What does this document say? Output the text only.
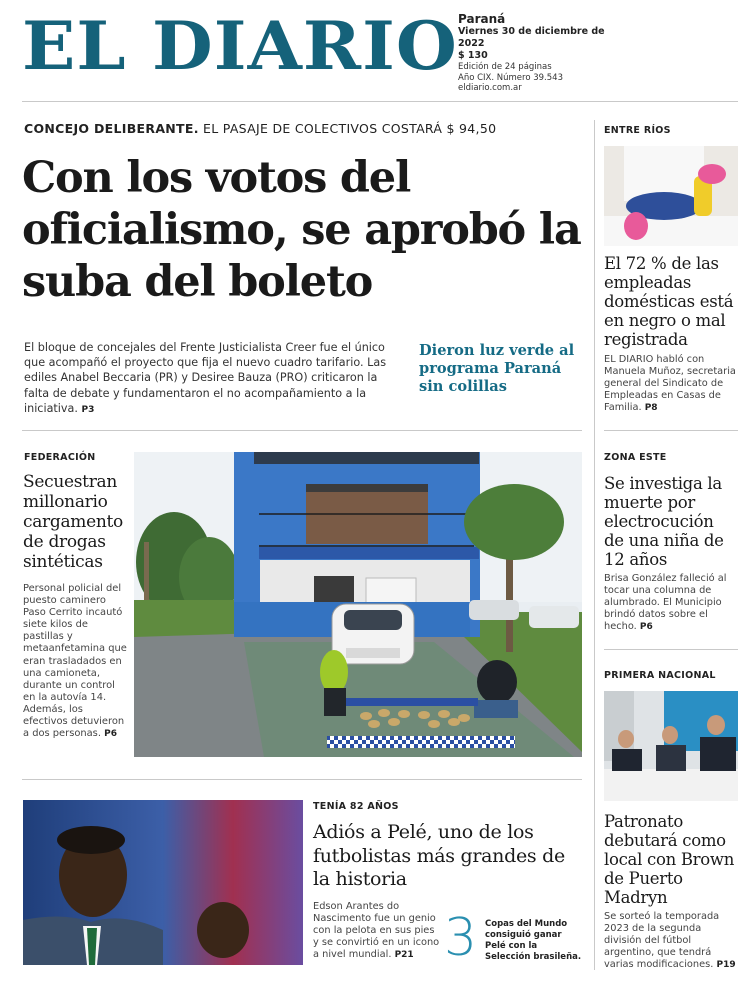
EL DIARIO Paraná
Viernes 30 de diciembre de 2022
$ 130
Edición de 24 páginas
Año CIX. Número 39.543
eldiario.com.ar
CONCEJO DELIBERANTE. EL PASAJE DE COLECTIVOS COSTARÁ $ 94,50
Con los votos del oficialismo, se aprobó la suba del boleto
El bloque de concejales del Frente Justicialista Creer fue el único que acompañó el proyecto que fija el nuevo cuadro tarifario. Las ediles Anabel Beccaria (PR) y Desiree Bauza (PRO) criticaron la falta de debate y fundamentaron el no acompañamiento a la iniciativa. P3
Dieron luz verde al programa Paraná sin colillas
FEDERACIÓN
Secuestran millonario cargamento de drogas sintéticas
Personal policial del puesto caminero Paso Cerrito incautó siete kilos de pastillas y metaanfetamina que eran trasladados en una camioneta, durante un control en la autovía 14. Además, los efectivos detuvieron a dos personas. P6
TENÍA 82 AÑOS
Adiós a Pelé, uno de los futbolistas más grandes de la historia
Edson Arantes do Nascimento fue un genio con la pelota en sus pies y se convirtió en un icono a nivel mundial. P21 3 Copas del Mundo consiguió ganar Pelé con la Selección brasileña.
ENTRE RÍOS
El 72 % de las empleadas domésticas está en negro o mal registrada
EL DIARIO habló con Manuela Muñoz, secretaria general del Sindicato de Empleadas en Casas de Familia. P8
ZONA ESTE
Se investiga la muerte por electrocución de una niña de 12 años
Brisa González falleció al tocar una columna de alumbrado. El Municipio brindó datos sobre el hecho. P6
PRIMERA NACIONAL
Patronato debutará como local con Brown de Puerto Madryn
Se sorteó la temporada 2023 de la segunda división del fútbol argentino, que tendrá varias modificaciones. P19
